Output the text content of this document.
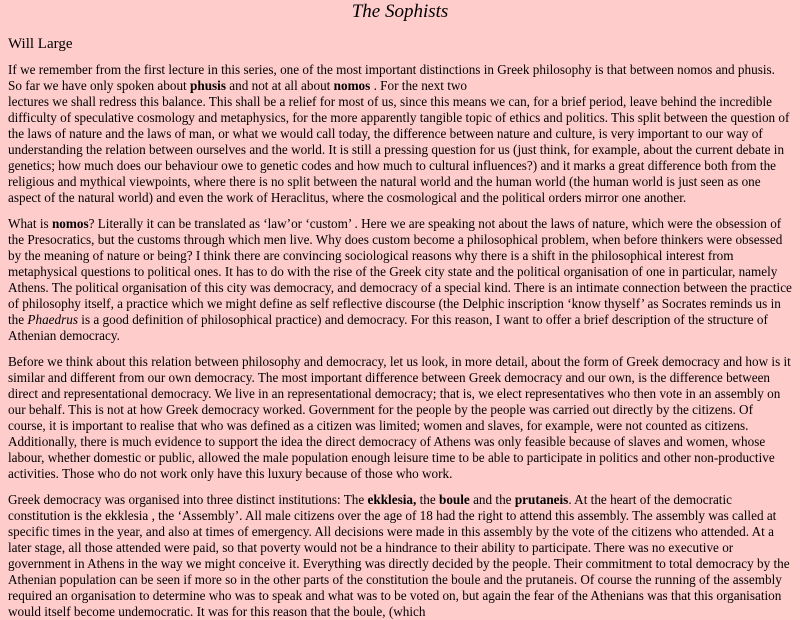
The Sophists
Will Large

If we remember from the first lecture in this series, one of the most important distinctions in Greek philosophy is that between nomos and phusis. So far we have only spoken about phusis and not at all about nomos . For the next two
lectures we shall redress this balance. This shall be a relief for most of us, since this means we can, for a brief period, leave behind the incredible difficulty of speculative cosmology and metaphysics, for the more apparently tangible topic of ethics and politics. This split between the question of the laws of nature and the laws of man, or what we would call today, the difference between nature and culture, is very important to our way of understanding the relation between ourselves and the world. It is still a pressing question for us (just think, for example, about the current debate in genetics; how much does our behaviour owe to genetic codes and how much to cultural influences?) and it marks a great difference both from the religious and mythical viewpoints, where there is no split between the natural world and the human world (the human world is just seen as one aspect of the natural world) and even the work of Heraclitus, where the cosmological and the political orders mirror one another.

What is nomos? Literally it can be translated as ‘law’or ‘custom’ . Here we are speaking not about the laws of nature, which were the obsession of the Presocratics, but the customs through which men live. Why does custom become a philosophical problem, when before thinkers were obsessed by the meaning of nature or being? I think there are convincing sociological reasons why there is a shift in the philosophical interest from metaphysical questions to political ones. It has to do with the rise of the Greek city state and the political organisation of one in particular, namely Athens. The political organisation of this city was democracy, and democracy of a special kind. There is an intimate connection between the practice of philosophy itself, a practice which we might define as self reflective discourse (the Delphic inscription ‘know thyself’ as Socrates reminds us in the Phaedrus is a good definition of philosophical practice) and democracy. For this reason, I want to offer a brief description of the structure of Athenian democracy.

Before we think about this relation between philosophy and democracy, let us look, in more detail, about the form of Greek democracy and how is it similar and different from our own democracy. The most important difference between Greek democracy and our own, is the difference between direct and representational democracy. We live in an representational democracy; that is, we elect representatives who then vote in an assembly on our behalf. This is not at how Greek democracy worked. Government for the people by the people was carried out directly by the citizens. Of course, it is important to realise that who was defined as a citizen was limited; women and slaves, for example, were not counted as citizens. Additionally, there is much evidence to support the idea the direct democracy of Athens was only feasible because of slaves and women, whose labour, whether domestic or public, allowed the male population enough leisure time to be able to participate in politics and other non-productive activities. Those who do not work only have this luxury because of those who work.

Greek democracy was organised into three distinct institutions: The ekklesia, the boule and the prutaneis. At the heart of the democratic constitution is the ekklesia , the ‘Assembly’. All male citizens over the age of 18 had the right to attend this assembly. The assembly was called at specific times in the year, and also at times of emergency. All decisions were made in this assembly by the vote of the citizens who attended. At a later stage, all those attended were paid, so that poverty would not be a hindrance to their ability to participate. There was no executive or government in Athens in the way we might conceive it. Everything was directly decided by the people. Their commitment to total democracy by the Athenian population can be seen if more so in the other parts of the constitution the boule and the prutaneis. Of course the running of the assembly required an organisation to determine who was to speak and what was to be voted on, but again the fear of the Athenians was that this organisation would itself become undemocratic. It was for this reason that the boule, (which
